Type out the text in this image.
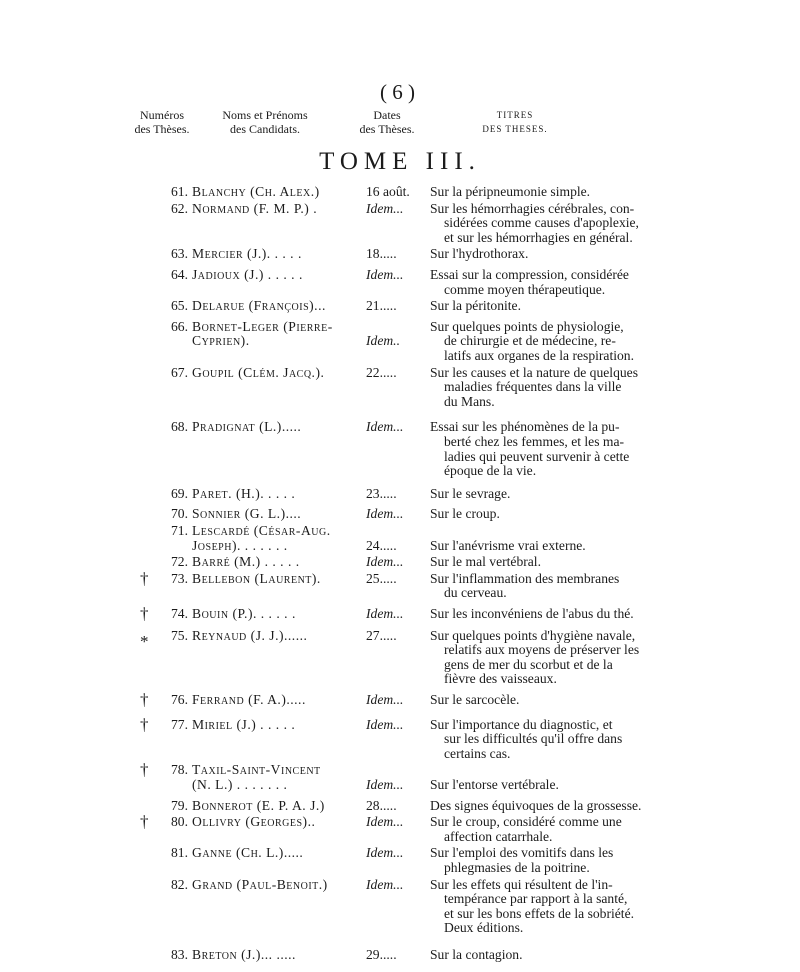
( 6 )
Numéros
des Thèses.
Noms et Prénoms
des Candidats.
Dates
des Thèses.
TITRES
DES THESES.
TOME III.
61. Blanchy (Ch. Alex.)	16 août.	Sur la péripneumonie simple.
62. Normand (F. M. P.) .	Idem...	Sur les hémorrhagies cérébrales, con-
sidérées comme causes d'apoplexie,
et sur les hémorrhagies en général.
63. Mercier (J.). . . . .	18.....	Sur l'hydrothorax.
64. Jadioux (J.) . . . . .	Idem...	Essai sur la compression, considérée
comme moyen thérapeutique.
65. Delarue (François)...	21.....	Sur la péritonite.
66. Bornet-Leger (Pierre-
Cyprien).	Idem..
Sur quelques points de physiologie,
de chirurgie et de médecine, re-
latifs aux organes de la respiration.
67. Goupil (Clém. Jacq.).	22.....	Sur les causes et la nature de quelques
maladies fréquentes dans la ville
du Mans.
68. Pradignat (L.).....	Idem...	Essai sur les phénomènes de la pu-
berté chez les femmes, et les ma-
ladies qui peuvent survenir à cette
époque de la vie.
69. Paret. (H.). . . . .	23.....	Sur le sevrage.
70. Sonnier (G. L.)....	Idem...	Sur le croup.
71. Lescardé (César-Aug.
Joseph). . . . . . .	24.....
	Sur l'anévrisme vrai externe.
72. Barré (M.) . . . . .	Idem...	Sur le mal vertébral.
†	73. Bellebon (Laurent).	25.....	Sur l'inflammation des membranes
du cerveau.
†	74. Bouin (P.). . . . . .	Idem...	Sur les inconvéniens de l'abus du thé.
*	75. Reynaud (J. J.)......	27.....	Sur quelques points d'hygiène navale,
relatifs aux moyens de préserver les
gens de mer du scorbut et de la
fièvre des vaisseaux.
†	76. Ferrand (F. A.).....	Idem...	Sur le sarcocèle.
†	77. Miriel (J.) . . . . .	Idem...	Sur l'importance du diagnostic, et
sur les difficultés qu'il offre dans
certains cas.
†	78. Taxil-Saint-Vincent
(N. L.) . . . . . . .	Idem...
	Sur l'entorse vertébrale.
79. Bonnerot (E. P. A. J.)	28.....	Des signes équivoques de la grossesse.
†	80. Ollivry (Georges)..	Idem...	Sur le croup, considéré comme une
affection catarrhale.
81. Ganne (Ch. L.).....	Idem...	Sur l'emploi des vomitifs dans les
phlegmasies de la poitrine.
82. Grand (Paul-Benoit.)	Idem...	Sur les effets qui résultent de l'in-
tempérance par rapport à la santé,
et sur les bons effets de la sobriété.
Deux éditions.
83. Breton (J.)... .....	29.....	Sur la contagion.
